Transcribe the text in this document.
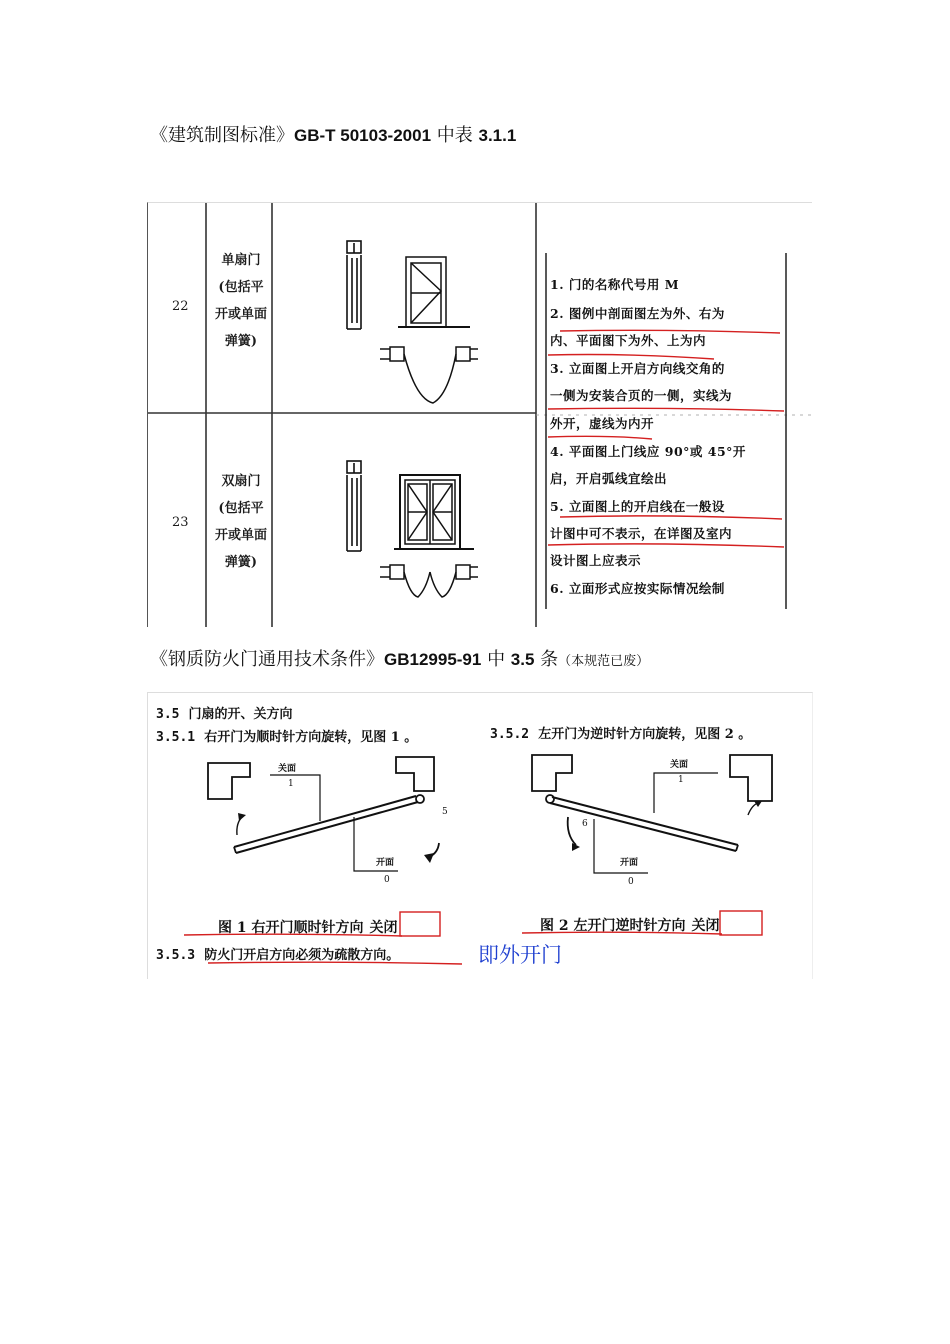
《建筑制图标准》GB-T 50103-2001 中表 3.1.1
22
单扇门
(包括平
开或单面
弹簧)
23
双扇门
(包括平
开或单面
弹簧)
1. 门的名称代号用 M
2. 图例中剖面图左为外、右为
内、平面图下为外、上为内
3. 立面图上开启方向线交角的
一侧为安装合页的一侧，实线为
外开，虚线为内开
4. 平面图上门线应 90°或 45°开
启，开启弧线宜绘出
5. 立面图上的开启线在一般设
计图中可不表示，在详图及室内
设计图上应表示
6. 立面形式应按实际情况绘制
《钢质防火门通用技术条件》GB12995-91 中 3.5 条（本规范已废）
3.5 门扇的开、关方向
3.5.1 右开门为顺时针方向旋转，见图 1 。	3.5.2 左开门为逆时针方向旋转，见图 2 。
关面
1
5
开面
0
关面
1
6
开面
0
图 1 右开门顺时针方向 关闭	图 2 左开门逆时针方向 关闭
3.5.3 防火门开启方向必须为疏散方向。	即外开门
